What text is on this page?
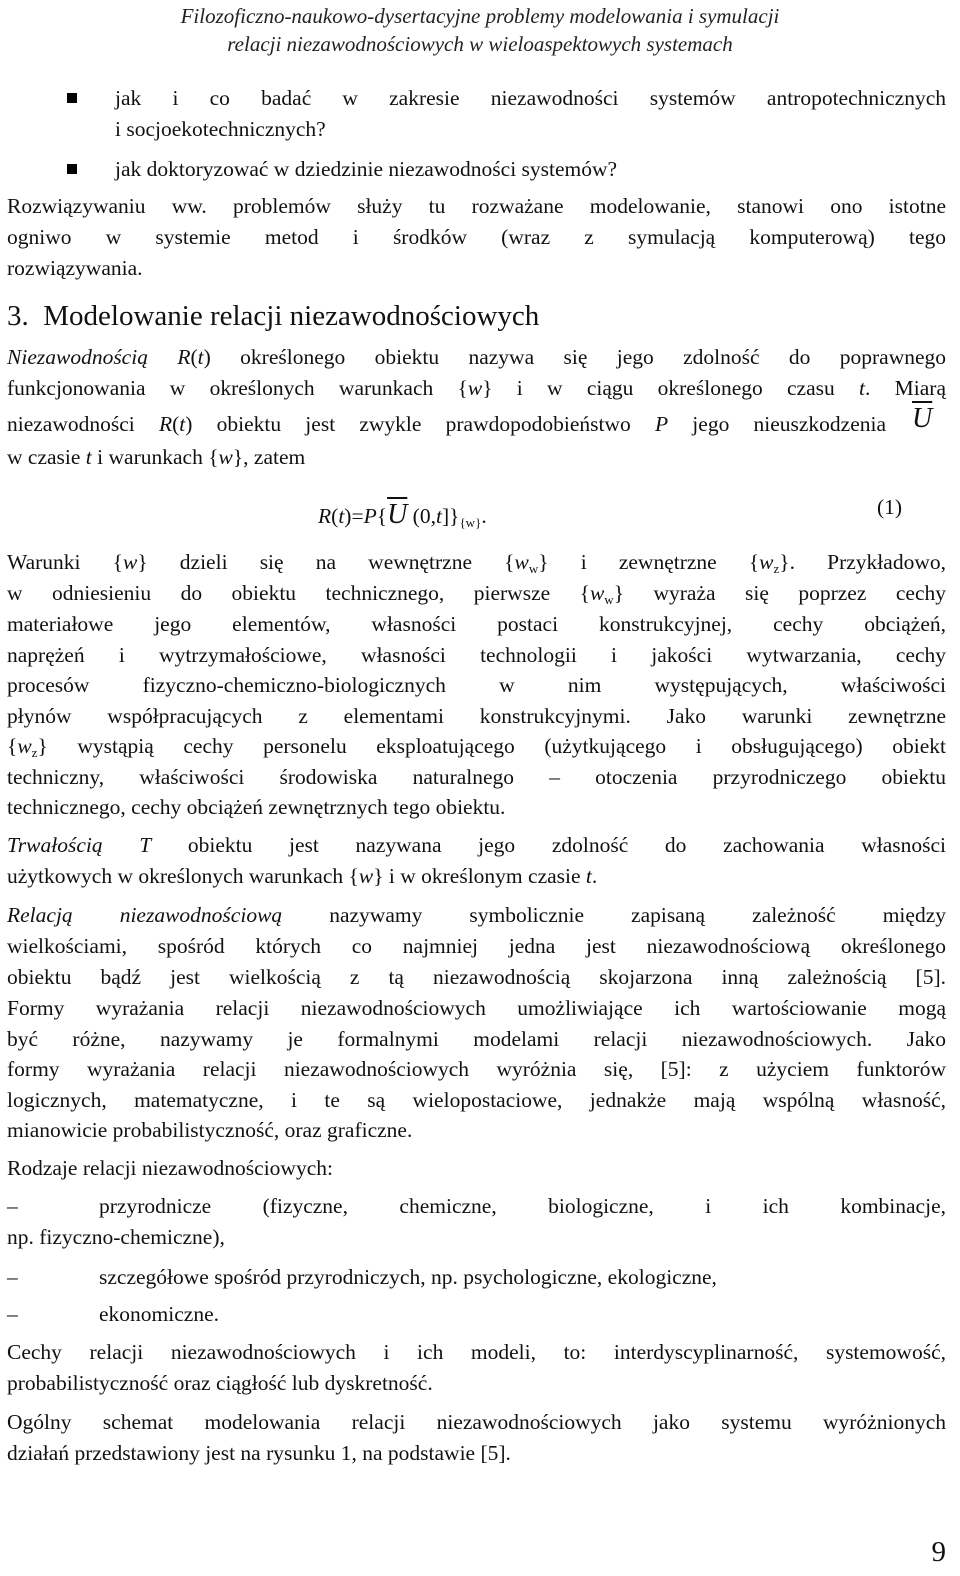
Filozoficzno-naukowo-dysertacyjne problemy modelowania i symulacji
relacji niezawodnościowych w wieloaspektowych systemach
jak i co badać w zakresie niezawodności systemów antropotechnicznych
i socjoekotechnicznych?
jak doktoryzować w dziedzinie niezawodności systemów?
Rozwiązywaniu ww. problemów służy tu rozważane modelowanie, stanowi ono istotne
ogniwo w systemie metod i środków (wraz z symulacją komputerową) tego
rozwiązywania.
3. Modelowanie relacji niezawodnościowych
Niezawodnością R(t) określonego obiektu nazywa się jego zdolność do poprawnego
funkcjonowania w określonych warunkach {w} i w ciągu określonego czasu t. Miarą
niezawodności R(t) obiektu jest zwykle prawdopodobieństwo P jego nieuszkodzenia $\overline{U}$
w czasie t i warunkach {w}, zatem
$R(t)=P\{\overline{U}$ $(0,t]\}_{\{w\}}$.	(1)
Warunki {w} dzieli się na wewnętrzne $\{w_w\}$ i zewnętrzne $\{w_z\}$. Przykładowo,
w odniesieniu do obiektu technicznego, pierwsze $\{w_w\}$ wyraża się poprzez cechy
materiałowe jego elementów, własności postaci konstrukcyjnej, cechy obciążeń,
naprężeń i wytrzymałościowe, własności technologii i jakości wytwarzania, cechy
procesów fizyczno-chemiczno-biologicznych w nim występujących, właściwości
płynów współpracujących z elementami konstrukcyjnymi. Jako warunki zewnętrzne
$\{w_z\}$ wystąpią cechy personelu eksploatującego (użytkującego i obsługującego) obiekt
techniczny, właściwości środowiska naturalnego – otoczenia przyrodniczego obiektu
technicznego, cechy obciążeń zewnętrznych tego obiektu.
Trwałością T obiektu jest nazywana jego zdolność do zachowania własności
użytkowych w określonych warunkach {w} i w określonym czasie t.
Relacją niezawodnościową nazywamy symbolicznie zapisaną zależność między
wielkościami, spośród których co najmniej jedna jest niezawodnościową określonego
obiektu bądź jest wielkością z tą niezawodnością skojarzona inną zależnością [5].
Formy wyrażania relacji niezawodnościowych umożliwiające ich wartościowanie mogą
być różne, nazywamy je formalnymi modelami relacji niezawodnościowych. Jako
formy wyrażania relacji niezawodnościowych wyróżnia się, [5]: z użyciem funktorów
logicznych, matematyczne, i te są wielopostaciowe, jednakże mają wspólną własność,
mianowicie probabilistyczność, oraz graficzne.
Rodzaje relacji niezawodnościowych:
–	przyrodnicze (fizyczne, chemiczne, biologiczne, i ich kombinacje,
np. fizyczno-chemiczne),
–	szczegółowe spośród przyrodniczych, np. psychologiczne, ekologiczne,
–	ekonomiczne.
Cechy relacji niezawodnościowych i ich modeli, to: interdyscyplinarność, systemowość,
probabilistyczność oraz ciągłość lub dyskretność.
Ogólny schemat modelowania relacji niezawodnościowych jako systemu wyróżnionych
działań przedstawiony jest na rysunku 1, na podstawie [5].
9
